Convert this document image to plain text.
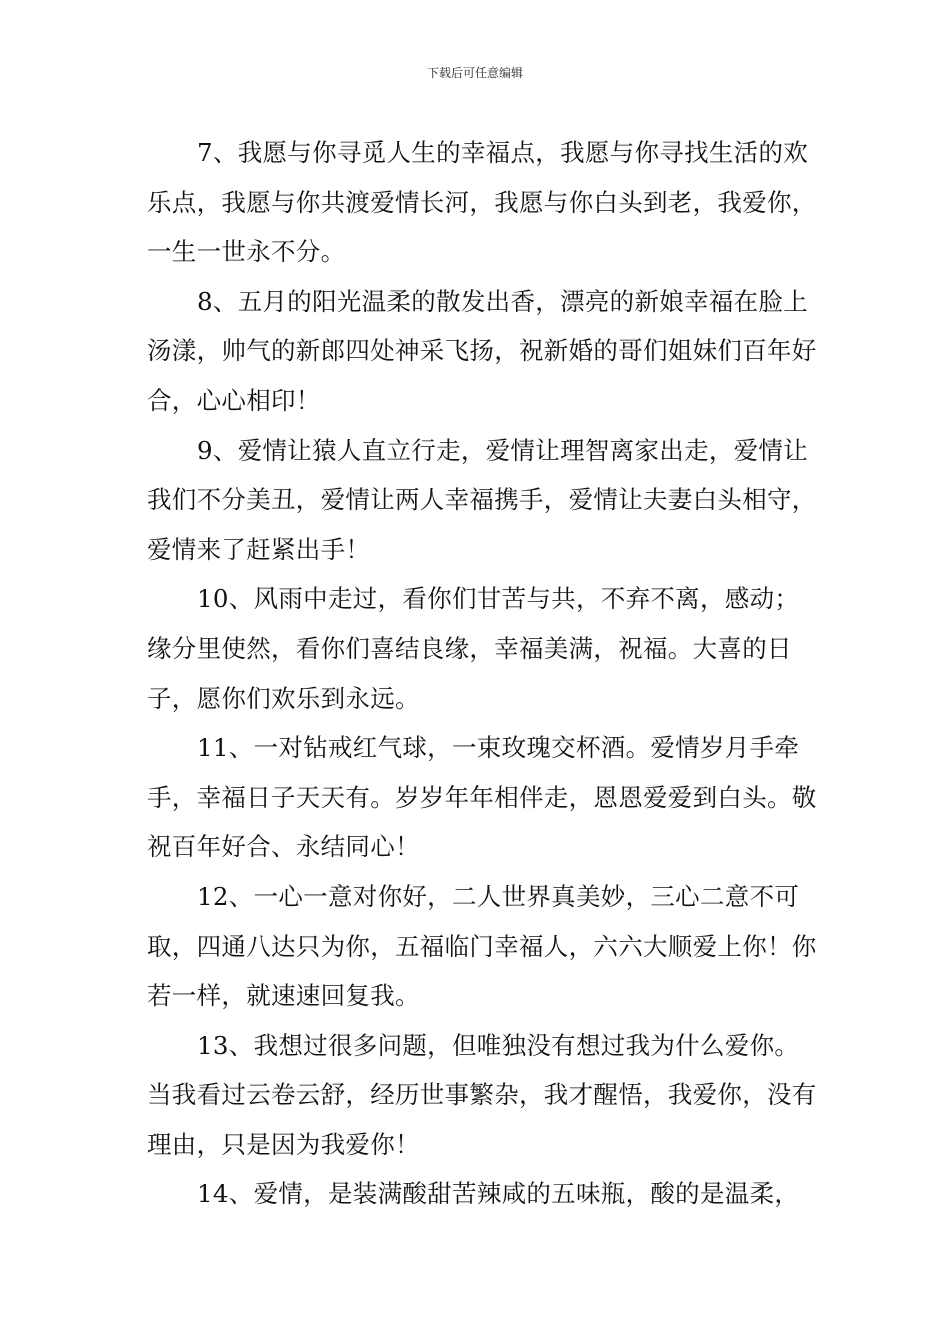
下载后可任意编辑

7、我愿与你寻觅人生的幸福点，我愿与你寻找生活的欢乐点，我愿与你共渡爱情长河，我愿与你白头到老，我爱你，一生一世永不分。

8、五月的阳光温柔的散发出香，漂亮的新娘幸福在脸上汤漾，帅气的新郎四处神采飞扬，祝新婚的哥们姐妹们百年好合，心心相印！

9、爱情让猿人直立行走，爱情让理智离家出走，爱情让我们不分美丑，爱情让两人幸福携手，爱情让夫妻白头相守，爱情来了赶紧出手！

10、风雨中走过，看你们甘苦与共，不弃不离，感动；缘分里使然，看你们喜结良缘，幸福美满，祝福。大喜的日子，愿你们欢乐到永远。

11、一对钻戒红气球，一束玫瑰交杯酒。爱情岁月手牵手，幸福日子天天有。岁岁年年相伴走，恩恩爱爱到白头。敬祝百年好合、永结同心！

12、一心一意对你好，二人世界真美妙，三心二意不可取，四通八达只为你，五福临门幸福人，六六大顺爱上你！你若一样，就速速回复我。

13、我想过很多问题，但唯独没有想过我为什么爱你。当我看过云卷云舒，经历世事繁杂，我才醒悟，我爱你，没有理由，只是因为我爱你！

14、爱情，是装满酸甜苦辣咸的五味瓶，酸的是温柔，
